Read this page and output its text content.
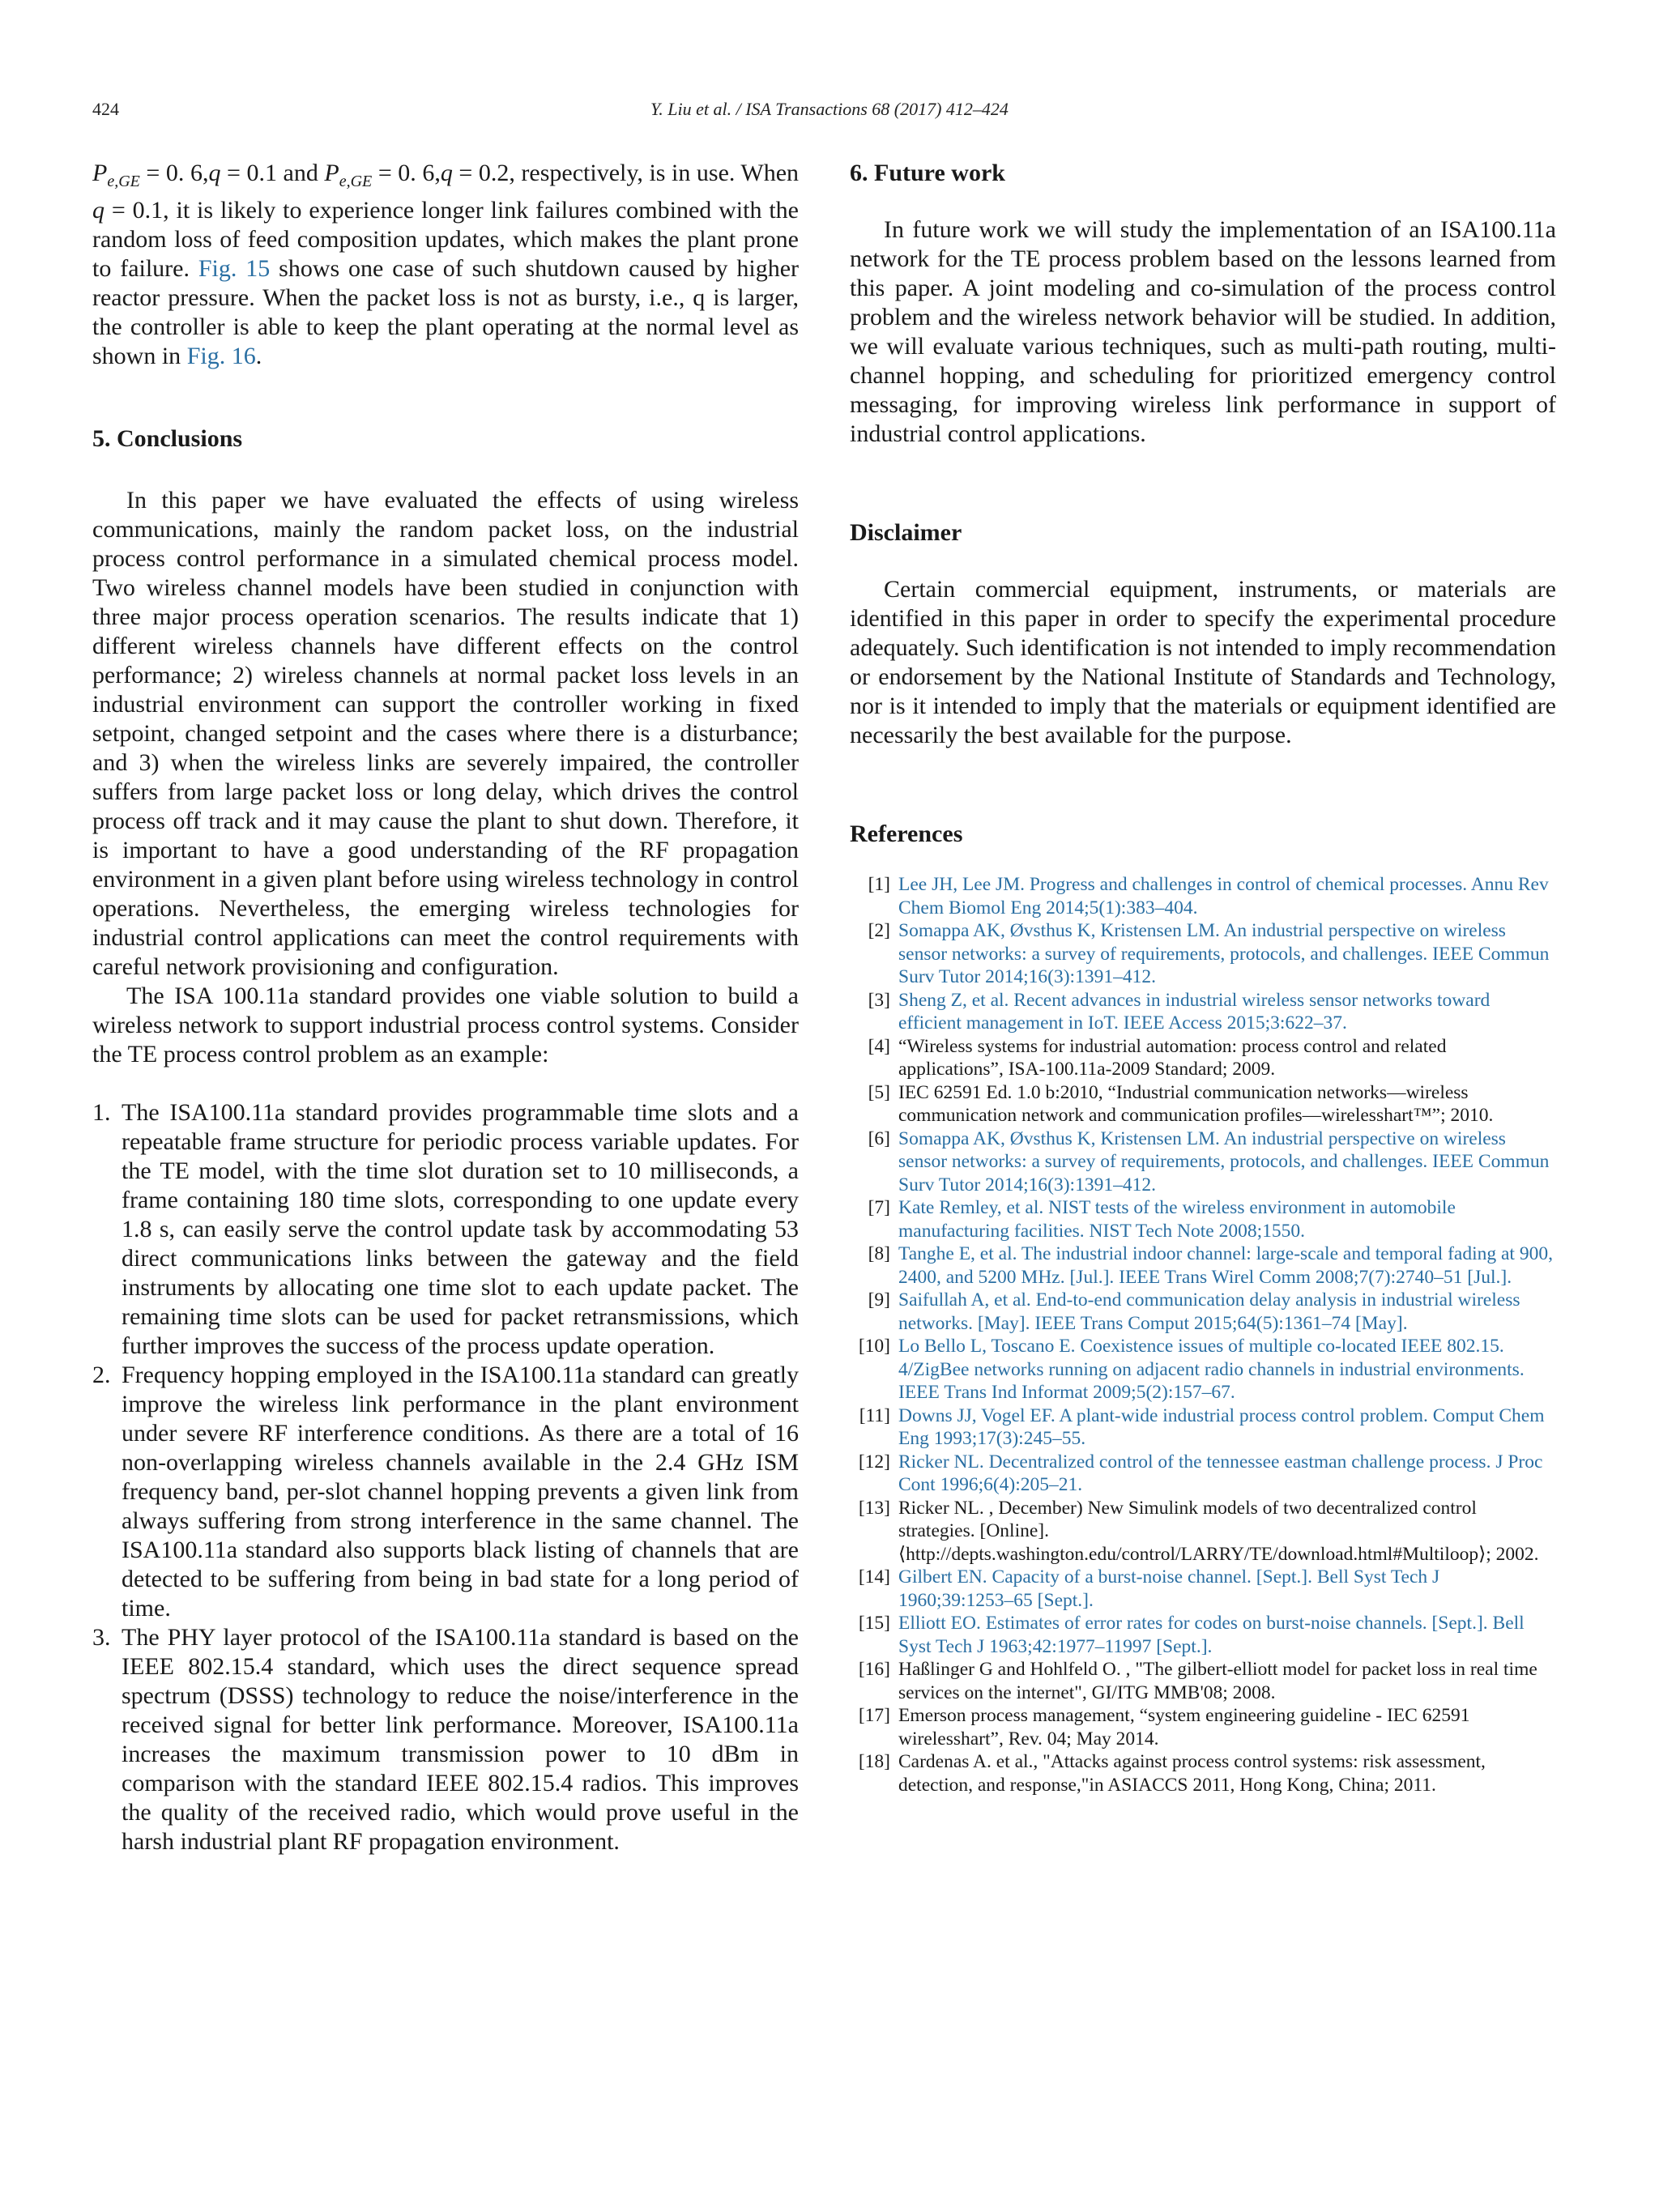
424	Y. Liu et al. / ISA Transactions 68 (2017) 412–424

$P_{e,GE} = 0$. 6,q = 0.1 and $P_{e,GE} = 0$. 6,q = 0.2, respectively, is in use. When q = 0.1, it is likely to experience longer link failures combined with the random loss of feed composition updates, which makes the plant prone to failure. Fig. 15 shows one case of such shutdown caused by higher reactor pressure. When the packet loss is not as bursty, i.e., q is larger, the controller is able to keep the plant operating at the normal level as shown in Fig. 16.

5. Conclusions

In this paper we have evaluated the effects of using wireless communications, mainly the random packet loss, on the industrial process control performance in a simulated chemical process model. Two wireless channel models have been studied in conjunction with three major process operation scenarios. The results indicate that 1) different wireless channels have different effects on the control performance; 2) wireless channels at normal packet loss levels in an industrial environment can support the controller working in fixed setpoint, changed setpoint and the cases where there is a disturbance; and 3) when the wireless links are severely impaired, the controller suffers from large packet loss or long delay, which drives the control process off track and it may cause the plant to shut down. Therefore, it is important to have a good understanding of the RF propagation environment in a given plant before using wireless technology in control operations. Nevertheless, the emerging wireless technologies for industrial control applications can meet the control requirements with careful network provisioning and configuration.

The ISA 100.11a standard provides one viable solution to build a wireless network to support industrial process control systems. Consider the TE process control problem as an example:

1. The ISA100.11a standard provides programmable time slots and a repeatable frame structure for periodic process variable updates. For the TE model, with the time slot duration set to 10 milliseconds, a frame containing 180 time slots, corresponding to one update every 1.8 s, can easily serve the control update task by accommodating 53 direct communications links between the gateway and the field instruments by allocating one time slot to each update packet. The remaining time slots can be used for packet retransmissions, which further improves the success of the process update operation.
2. Frequency hopping employed in the ISA100.11a standard can greatly improve the wireless link performance in the plant environment under severe RF interference conditions. As there are a total of 16 non-overlapping wireless channels available in the 2.4 GHz ISM frequency band, per-slot channel hopping prevents a given link from always suffering from strong interference in the same channel. The ISA100.11a standard also supports black listing of channels that are detected to be suffering from being in bad state for a long period of time.
3. The PHY layer protocol of the ISA100.11a standard is based on the IEEE 802.15.4 standard, which uses the direct sequence spread spectrum (DSSS) technology to reduce the noise/interference in the received signal for better link performance. Moreover, ISA100.11a increases the maximum transmission power to 10 dBm in comparison with the standard IEEE 802.15.4 radios. This improves the quality of the received radio, which would prove useful in the harsh industrial plant RF propagation environment.
6. Future work

In future work we will study the implementation of an ISA100.11a network for the TE process problem based on the lessons learned from this paper. A joint modeling and co-simulation of the process control problem and the wireless network behavior will be studied. In addition, we will evaluate various techniques, such as multi-path routing, multi-channel hopping, and scheduling for prioritized emergency control messaging, for improving wireless link performance in support of industrial control applications.

Disclaimer

Certain commercial equipment, instruments, or materials are identified in this paper in order to specify the experimental procedure adequately. Such identification is not intended to imply recommendation or endorsement by the National Institute of Standards and Technology, nor is it intended to imply that the materials or equipment identified are necessarily the best available for the purpose.

References
[1] Lee JH, Lee JM. Progress and challenges in control of chemical processes. Annu Rev Chem Biomol Eng 2014;5(1):383–404.
[2] Somappa AK, Øvsthus K, Kristensen LM. An industrial perspective on wireless sensor networks: a survey of requirements, protocols, and challenges. IEEE Commun Surv Tutor 2014;16(3):1391–412.
[3] Sheng Z, et al. Recent advances in industrial wireless sensor networks toward efficient management in IoT. IEEE Access 2015;3:622–37.
[4] “Wireless systems for industrial automation: process control and related applications”, ISA-100.11a-2009 Standard; 2009.
[5] IEC 62591 Ed. 1.0 b:2010, “Industrial communication networks—wireless communication network and communication profiles—wirelesshart™”; 2010.
[6] Somappa AK, Øvsthus K, Kristensen LM. An industrial perspective on wireless sensor networks: a survey of requirements, protocols, and challenges. IEEE Commun Surv Tutor 2014;16(3):1391–412.
[7] Kate Remley, et al. NIST tests of the wireless environment in automobile manufacturing facilities. NIST Tech Note 2008;1550.
[8] Tanghe E, et al. The industrial indoor channel: large-scale and temporal fading at 900, 2400, and 5200 MHz. [Jul.]. IEEE Trans Wirel Comm 2008;7(7):2740–51 [Jul.].
[9] Saifullah A, et al. End-to-end communication delay analysis in industrial wireless networks. [May]. IEEE Trans Comput 2015;64(5):1361–74 [May].
[10] Lo Bello L, Toscano E. Coexistence issues of multiple co-located IEEE 802.15. 4/ZigBee networks running on adjacent radio channels in industrial environments. IEEE Trans Ind Informat 2009;5(2):157–67.
[11] Downs JJ, Vogel EF. A plant-wide industrial process control problem. Comput Chem Eng 1993;17(3):245–55.
[12] Ricker NL. Decentralized control of the tennessee eastman challenge process. J Proc Cont 1996;6(4):205–21.
[13] Ricker NL. , December) New Simulink models of two decentralized control strategies. [Online]. ⟨http://depts.washington.edu/control/LARRY/TE/download.html#Multiloop⟩; 2002.
[14] Gilbert EN. Capacity of a burst-noise channel. [Sept.]. Bell Syst Tech J 1960;39:1253–65 [Sept.].
[15] Elliott EO. Estimates of error rates for codes on burst-noise channels. [Sept.]. Bell Syst Tech J 1963;42:1977–11997 [Sept.].
[16] Haßlinger G and Hohlfeld O. , "The gilbert-elliott model for packet loss in real time services on the internet", GI/ITG MMB'08; 2008.
[17] Emerson process management, “system engineering guideline - IEC 62591 wirelesshart”, Rev. 04; May 2014.
[18] Cardenas A. et al., "Attacks against process control systems: risk assessment, detection, and response,"in ASIACCS 2011, Hong Kong, China; 2011.
